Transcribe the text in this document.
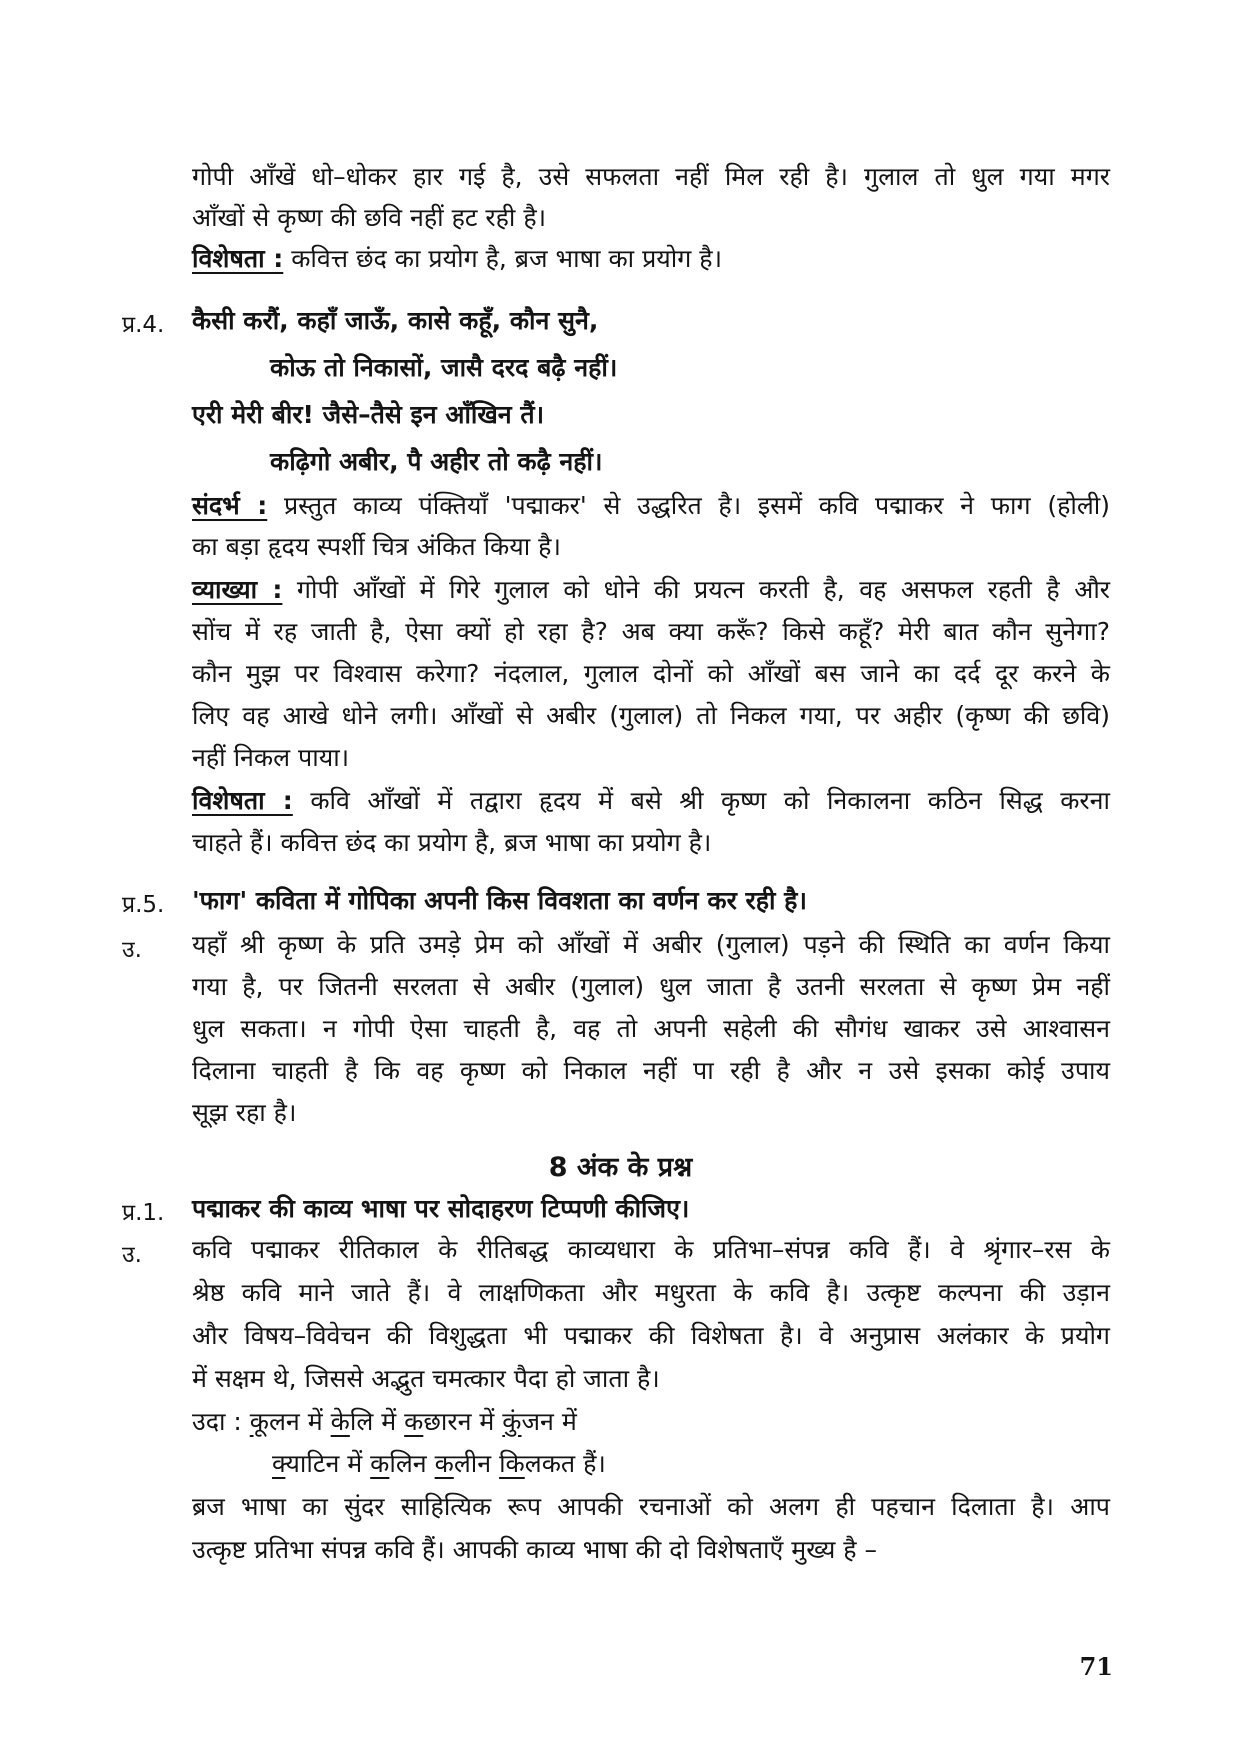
गोपी आँखें धो–धोकर हार गई है, उसे सफलता नहीं मिल रही है। गुलाल तो धुल गया मगर
आँखों से कृष्ण की छवि नहीं हट रही है।
विशेषता : कवित्त छंद का प्रयोग है, ब्रज भाषा का प्रयोग है।
प्र.4. कैसी करौं, कहाँ जाऊँ, कासे कहूँ, कौन सुनै,
कोऊ तो निकासों, जासै दरद बढ़ै नहीं।
एरी मेरी बीर! जैसे–तैसे इन आँखिन तैं।
कढ़िगो अबीर, पै अहीर तो कढ़ै नहीं।
संदर्भ : प्रस्तुत काव्य पंक्तियाँ 'पद्माकर' से उद्धरित है। इसमें कवि पद्माकर ने फाग (होली)
का बड़ा हृदय स्पर्शी चित्र अंकित किया है।
व्याख्या : गोपी आँखों में गिरे गुलाल को धोने की प्रयत्न करती है, वह असफल रहती है और
सोंच में रह जाती है, ऐसा क्यों हो रहा है? अब क्या करूँ? किसे कहूँ? मेरी बात कौन सुनेगा?
कौन मुझ पर विश्वास करेगा? नंदलाल, गुलाल दोनों को आँखों बस जाने का दर्द दूर करने के
लिए वह आखे धोने लगी। आँखों से अबीर (गुलाल) तो निकल गया, पर अहीर (कृष्ण की छवि)
नहीं निकल पाया।
विशेषता : कवि आँखों में तद्वारा हृदय में बसे श्री कृष्ण को निकालना कठिन सिद्ध करना
चाहते हैं। कवित्त छंद का प्रयोग है, ब्रज भाषा का प्रयोग है।
प्र.5. 'फाग' कविता में गोपिका अपनी किस विवशता का वर्णन कर रही है।
उ. यहाँ श्री कृष्ण के प्रति उमड़े प्रेम को आँखों में अबीर (गुलाल) पड़ने की स्थिति का वर्णन किया
गया है, पर जितनी सरलता से अबीर (गुलाल) धुल जाता है उतनी सरलता से कृष्ण प्रेम नहीं
धुल सकता। न गोपी ऐसा चाहती है, वह तो अपनी सहेली की सौगंध खाकर उसे आश्वासन
दिलाना चाहती है कि वह कृष्ण को निकाल नहीं पा रही है और न उसे इसका कोई उपाय
सूझ रहा है।
8 अंक के प्रश्न
प्र.1. पद्माकर की काव्य भाषा पर सोदाहरण टिप्पणी कीजिए।
उ. कवि पद्माकर रीतिकाल के रीतिबद्ध काव्यधारा के प्रतिभा–संपन्न कवि हैं। वे श्रृंगार–रस के
श्रेष्ठ कवि माने जाते हैं। वे लाक्षणिकता और मधुरता के कवि है। उत्कृष्ट कल्पना की उड़ान
और विषय–विवेचन की विशुद्धता भी पद्माकर की विशेषता है। वे अनुप्रास अलंकार के प्रयोग
में सक्षम थे, जिससे अद्भुत चमत्कार पैदा हो जाता है।
उदा : कूलन में केलि में कछारन में कुंजन में
क्याटिन में कलिन कलीन किलकत हैं।
ब्रज भाषा का सुंदर साहित्यिक रूप आपकी रचनाओं को अलग ही पहचान दिलाता है। आप
उत्कृष्ट प्रतिभा संपन्न कवि हैं। आपकी काव्य भाषा की दो विशेषताएँ मुख्य है –
71
